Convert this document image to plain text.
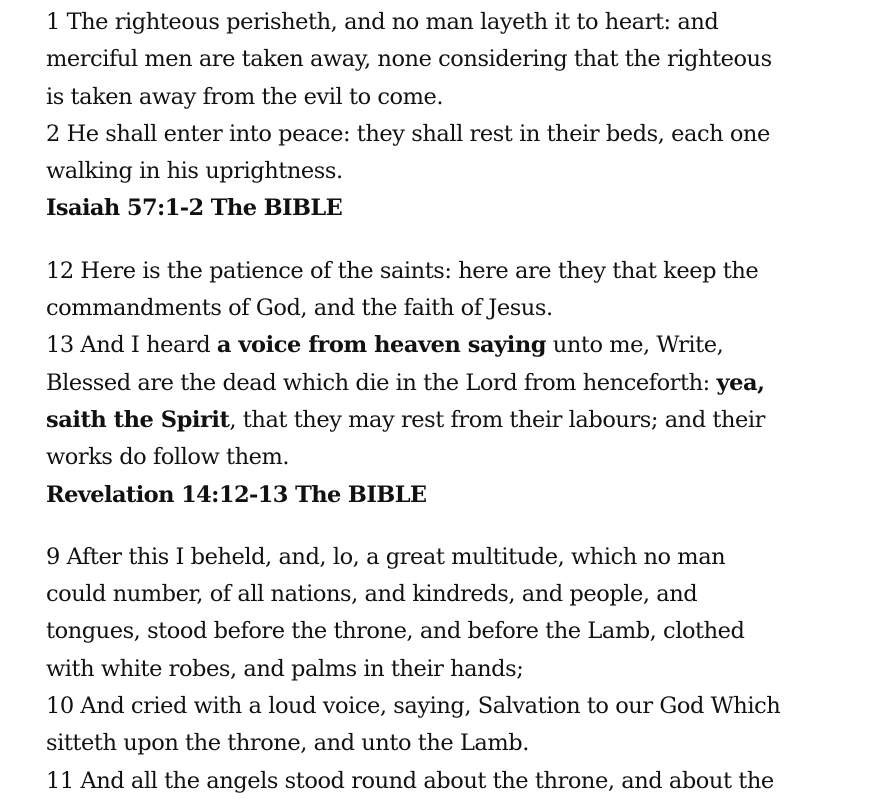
1 The righteous perisheth, and no man layeth it to heart: and
merciful men are taken away, none considering that the righteous
is taken away from the evil to come.
2 He shall enter into peace: they shall rest in their beds, each one
walking in his uprightness.
Isaiah 57:1-2 The BIBLE
12 Here is the patience of the saints: here are they that keep the
commandments of God, and the faith of Jesus.
13 And I heard a voice from heaven saying unto me, Write,
Blessed are the dead which die in the Lord from henceforth: yea,
saith the Spirit, that they may rest from their labours; and their
works do follow them.
Revelation 14:12-13 The BIBLE
9 After this I beheld, and, lo, a great multitude, which no man
could number, of all nations, and kindreds, and people, and
tongues, stood before the throne, and before the Lamb, clothed
with white robes, and palms in their hands;
10 And cried with a loud voice, saying, Salvation to our God Which
sitteth upon the throne, and unto the Lamb.
11 And all the angels stood round about the throne, and about the
